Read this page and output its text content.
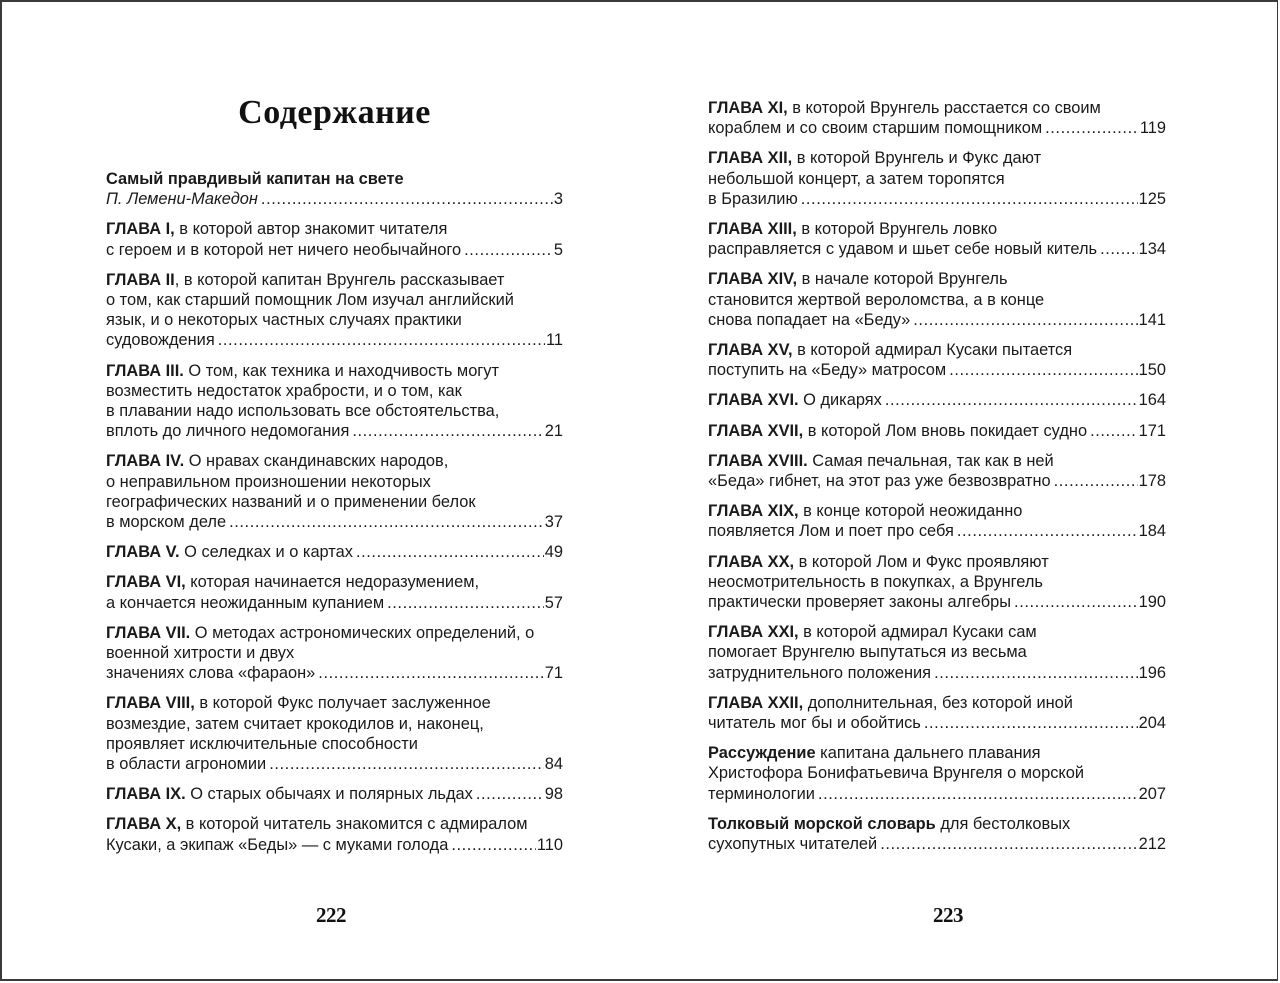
Содержание
Самый правдивый капитан на свете
П. Лемени-Македон .....	3
ГЛАВА I, в которой автор знакомит читателя
с героем и в которой нет ничего необычайного .....	5
ГЛАВА II, в которой капитан Врунгель рассказывает
о том, как старший помощник Лом изучал английский
язык, и о некоторых частных случаях практики
судовождения .....	11
ГЛАВА III. О том, как техника и находчивость могут
возместить недостаток храбрости, и о том, как
в плавании надо использовать все обстоятельства,
вплоть до личного недомогания .....	21
ГЛАВА IV. О нравах скандинавских народов,
о неправильном произношении некоторых
географических названий и о применении белок
в морском деле .....	37
ГЛАВА V. О селедках и о картах .....	49
ГЛАВА VI, которая начинается недоразумением,
а кончается неожиданным купанием .....	57
ГЛАВА VII. О методах астрономических определений, о
военной хитрости и двух
значениях слова «фараон» .....	71
ГЛАВА VIII, в которой Фукс получает заслуженное
возмездие, затем считает крокодилов и, наконец,
проявляет исключительные способности
в области агрономии .....	84
ГЛАВА IX. О старых обычаях и полярных льдах .....	98
ГЛАВА X, в которой читатель знакомится с адмиралом
Кусаки, а экипаж «Беды» — с муками голода .....	110
ГЛАВА XI, в которой Врунгель расстается со своим
кораблем и со своим старшим помощником .....	119
ГЛАВА XII, в которой Врунгель и Фукс дают
небольшой концерт, а затем торопятся
в Бразилию .....	125
ГЛАВА XIII, в которой Врунгель ловко
расправляется с удавом и шьет себе новый китель .....	134
ГЛАВА XIV, в начале которой Врунгель
становится жертвой вероломства, а в конце
снова попадает на «Беду» .....	141
ГЛАВА XV, в которой адмирал Кусаки пытается
поступить на «Беду» матросом .....	150
ГЛАВА XVI. О дикарях .....	164
ГЛАВА XVII, в которой Лом вновь покидает судно .....	171
ГЛАВА XVIII. Самая печальная, так как в ней
«Беда» гибнет, на этот раз уже безвозвратно .....	178
ГЛАВА XIX, в конце которой неожиданно
появляется Лом и поет про себя .....	184
ГЛАВА XX, в которой Лом и Фукс проявляют
неосмотрительность в покупках, а Врунгель
практически проверяет законы алгебры .....	190
ГЛАВА XXI, в которой адмирал Кусаки сам
помогает Врунгелю выпутаться из весьма
затруднительного положения .....	196
ГЛАВА XXII, дополнительная, без которой иной
читатель мог бы и обойтись .....	204
Рассуждение капитана дальнего плавания
Христофора Бонифатьевича Врунгеля о морской
терминологии .....	207
Толковый морской словарь для бестолковых
сухопутных читателей .....	212
222	223
